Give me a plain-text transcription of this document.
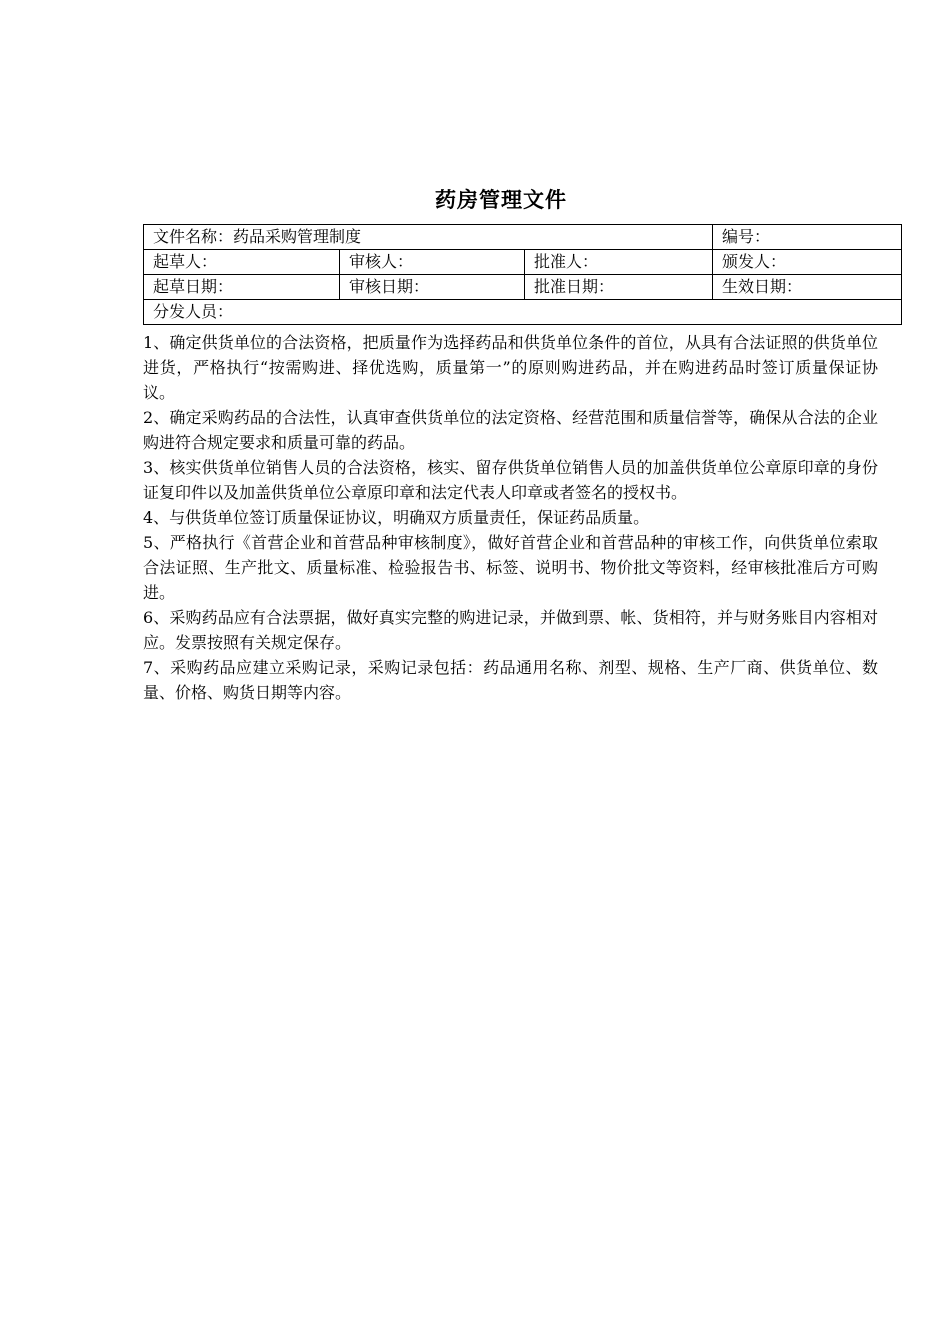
药房管理文件
文件名称：药品采购管理制度			编号：
起草人：	审核人：	批准人：	颁发人：
起草日期：	审核日期：	批准日期：	生效日期：
分发人员：			

1、确定供货单位的合法资格，把质量作为选择药品和供货单位条件的首位，从具有合法证照的供货单位进货，严格执行“按需购进、择优选购，质量第一”的原则购进药品，并在购进药品时签订质量保证协议。

2、确定采购药品的合法性，认真审查供货单位的法定资格、经营范围和质量信誉等，确保从合法的企业购进符合规定要求和质量可靠的药品。

3、核实供货单位销售人员的合法资格，核实、留存供货单位销售人员的加盖供货单位公章原印章的身份证复印件以及加盖供货单位公章原印章和法定代表人印章或者签名的授权书。

4、与供货单位签订质量保证协议，明确双方质量责任，保证药品质量。

5、严格执行《首营企业和首营品种审核制度》，做好首营企业和首营品种的审核工作，向供货单位索取合法证照、生产批文、质量标准、检验报告书、标签、说明书、物价批文等资料，经审核批准后方可购进。

6、采购药品应有合法票据，做好真实完整的购进记录，并做到票、帐、货相符，并与财务账目内容相对应。发票按照有关规定保存。

7、采购药品应建立采购记录，采购记录包括：药品通用名称、剂型、规格、生产厂商、供货单位、数量、价格、购货日期等内容。
